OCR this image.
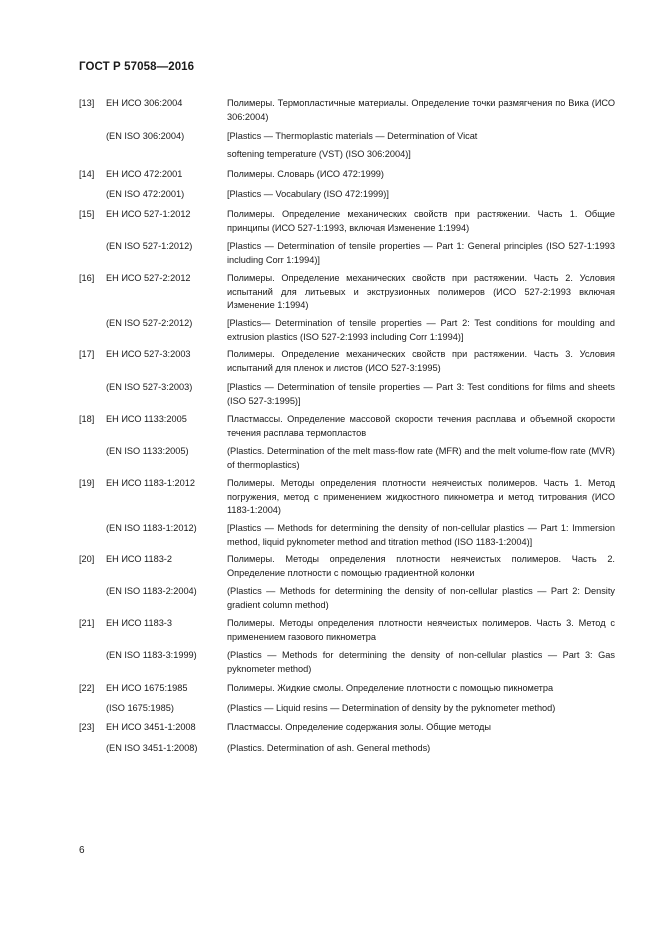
ГОСТ Р 57058—2016
[13] ЕН ИСО 306:2004	Полимеры. Термопластичные материалы. Определение точки размягчения по Вика (ИСО 306:2004)
(EN ISO 306:2004)	[Plastics — Thermoplastic materials — Determination of Vicat
softening temperature (VST) (ISO 306:2004)]
[14] ЕН ИСО 472:2001	Полимеры. Словарь (ИСО 472:1999)
(EN ISO 472:2001)	[Plastics — Vocabulary (ISO 472:1999)]
[15] ЕН ИСО 527-1:2012	Полимеры. Определение механических свойств при растяжении. Часть 1. Общие принципы (ИСО 527-1:1993, включая Изменение 1:1994)
(EN ISO 527-1:2012)	[Plastics — Determination of tensile properties — Part 1: General principles (ISO 527-1:1993 including Corr 1:1994)]
[16] ЕН ИСО 527-2:2012	Полимеры. Определение механических свойств при растяжении. Часть 2. Условия испытаний для литьевых и экструзионных полимеров (ИСО 527-2:1993 включая Изменение 1:1994)
(EN ISO 527-2:2012)	[Plastics— Determination of tensile properties — Part 2: Test conditions for moulding and extrusion plastics (ISO 527-2:1993 including Corr 1:1994)]
[17] ЕН ИСО 527-3:2003	Полимеры. Определение механических свойств при растяжении. Часть 3. Условия испытаний для пленок и листов (ИСО 527-3:1995)
(EN ISO 527-3:2003)	[Plastics — Determination of tensile properties — Part 3: Test conditions for films and sheets (ISO 527-3:1995)]
[18] ЕН ИСО 1133:2005	Пластмассы. Определение массовой скорости течения расплава и объемной скорости течения расплава термопластов
(EN ISO 1133:2005)	(Plastics. Determination of the melt mass-flow rate (MFR) and the melt volume-flow rate (MVR) of thermoplastics)
[19] ЕН ИСО 1183-1:2012	Полимеры. Методы определения плотности неячеистых полимеров. Часть 1. Метод погружения, метод с применением жидкостного пикнометра и метод титрования (ИСО 1183-1:2004)
(EN ISO 1183-1:2012)	[Plastics — Methods for determining the density of non-cellular plastics — Part 1: Immersion method, liquid pyknometer method and titration method (ISO 1183-1:2004)]
[20] ЕН ИСО 1183-2	Полимеры. Методы определения плотности неячеистых полимеров. Часть 2. Определение плотности с помощью градиентной колонки
(EN ISO 1183-2:2004)	(Plastics — Methods for determining the density of non-cellular plastics — Part 2: Density gradient column method)
[21] ЕН ИСО 1183-3	Полимеры. Методы определения плотности неячеистых полимеров. Часть 3. Метод с применением газового пикнометра
(EN ISO 1183-3:1999)	(Plastics — Methods for determining the density of non-cellular plastics — Part 3: Gas pyknometer method)
[22] ЕН ИСО 1675:1985	Полимеры. Жидкие смолы. Определение плотности с помощью пикнометра
(ISO 1675:1985)	(Plastics — Liquid resins — Determination of density by the pyknometer method)
[23] ЕН ИСО 3451-1:2008	Пластмассы. Определение содержания золы. Общие методы
(EN ISO 3451-1:2008)	(Plastics. Determination of ash. General methods)
6
